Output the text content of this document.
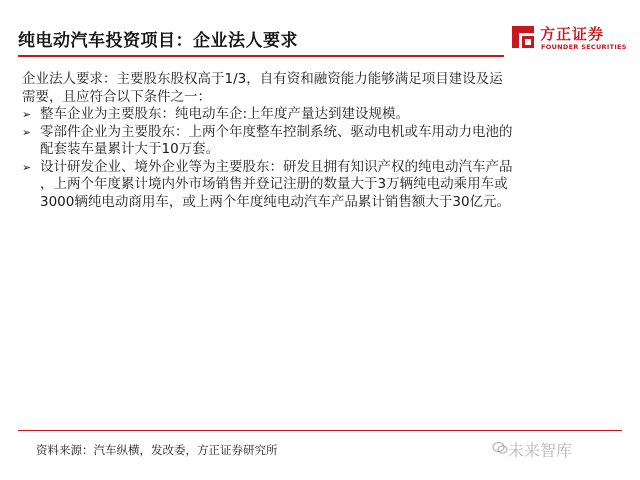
纯电动汽车投资项目：企业法人要求	方正证券
FOUNDER SECURITIES

企业法人要求：主要股东股权高于1/3，自有资和融资能力能够满足项目建设及运

需要，且应符合以下条件之一：

➢ 整车企业为主要股东：纯电动车企:上年度产量达到建设规模。
➢ 零部件企业为主要股东：上两个年度整车控制系统、驱动电机或车用动力电池的
配套装车量累计大于10万套。
➢ 设计研发企业、境外企业等为主要股东：研发且拥有知识产权的纯电动汽车产品
，上两个年度累计境内外市场销售并登记注册的数量大于3万辆纯电动乘用车或
3000辆纯电动商用车，或上两个年度纯电动汽车产品累计销售额大于30亿元。
资料来源：汽车纵横，发改委，方正证券研究所	未来智库
